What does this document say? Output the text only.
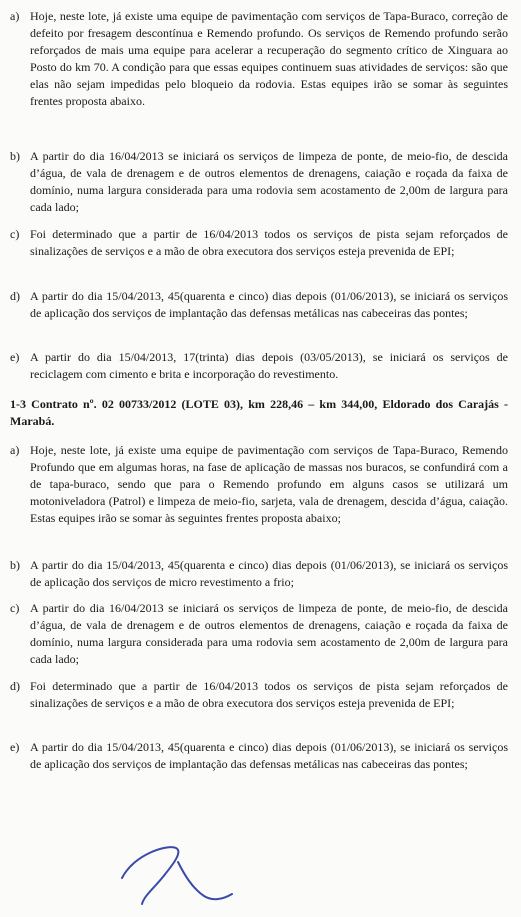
a) Hoje, neste lote, já existe uma equipe de pavimentação com serviços de Tapa-Buraco, correção de defeito por fresagem descontínua e Remendo profundo. Os serviços de Remendo profundo serão reforçados de mais uma equipe para acelerar a recuperação do segmento crítico de Xinguara ao Posto do km 70. A condição para que essas equipes continuem suas atividades de serviços: são que elas não sejam impedidas pelo bloqueio da rodovia. Estas equipes irão se somar às seguintes frentes proposta abaixo.
b) A partir do dia 16/04/2013 se iniciará os serviços de limpeza de ponte, de meio-fio, de descida d’água, de vala de drenagem e de outros elementos de drenagens, caiação e roçada da faixa de domínio, numa largura considerada para uma rodovia sem acostamento de 2,00m de largura para cada lado;
c) Foi determinado que a partir de 16/04/2013 todos os serviços de pista sejam reforçados de sinalizações de serviços e a mão de obra executora dos serviços esteja prevenida de EPI;
d) A partir do dia 15/04/2013, 45(quarenta e cinco) dias depois (01/06/2013), se iniciará os serviços de aplicação dos serviços de implantação das defensas metálicas nas cabeceiras das pontes;
e) A partir do dia 15/04/2013, 17(trinta) dias depois (03/05/2013), se iniciará os serviços de reciclagem com cimento e brita e incorporação do revestimento.
1-3 Contrato nº. 02 00733/2012 (LOTE 03), km 228,46 – km 344,00, Eldorado dos Carajás - Marabá.
a) Hoje, neste lote, já existe uma equipe de pavimentação com serviços de Tapa-Buraco, Remendo Profundo que em algumas horas, na fase de aplicação de massas nos buracos, se confundirá com a de tapa-buraco, sendo que para o Remendo profundo em alguns casos se utilizará um motoniveladora (Patrol) e limpeza de meio-fio, sarjeta, vala de drenagem, descida d’água, caiação. Estas equipes irão se somar às seguintes frentes proposta abaixo;
b) A partir do dia 15/04/2013, 45(quarenta e cinco) dias depois (01/06/2013), se iniciará os serviços de aplicação dos serviços de micro revestimento a frio;
c) A partir do dia 16/04/2013 se iniciará os serviços de limpeza de ponte, de meio-fio, de descida d’água, de vala de drenagem e de outros elementos de drenagens, caiação e roçada da faixa de domínio, numa largura considerada para uma rodovia sem acostamento de 2,00m de largura para cada lado;
d) Foi determinado que a partir de 16/04/2013 todos os serviços de pista sejam reforçados de sinalizações de serviços e a mão de obra executora dos serviços esteja prevenida de EPI;
e) A partir do dia 15/04/2013, 45(quarenta e cinco) dias depois (01/06/2013), se iniciará os serviços de aplicação dos serviços de implantação das defensas metálicas nas cabeceiras das pontes;
